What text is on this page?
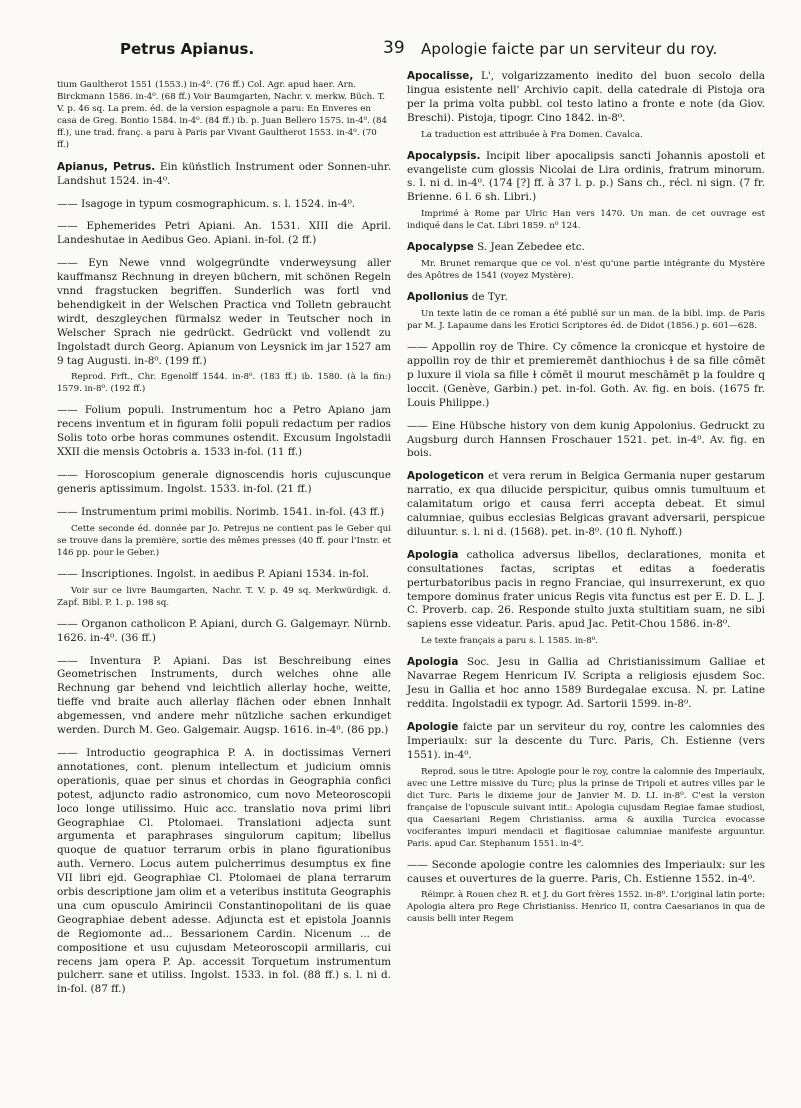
Petrus Apianus.	39 Apologie faicte par un serviteur du roy.

tium Gaultherot 1551 (1553.) in-4⁰. (76 ff.) Col. Agr. apud haer. Arn. Birckmann 1586. in-4⁰. (68 ff.) Voir Baumgarten, Nachr. v. merkw. Büch. T. V. p. 46 sq. La prem. éd. de la version espagnole a paru: En Enveres en casa de Greg. Bontio 1584. in-4⁰. (84 ff.) ib. p. Juan Bellero 1575. in-4⁰. (84 ff.), une trad. franç. a paru à Paris par Vivant Gaultherot 1553. in-4⁰. (70 ff.)

Apianus, Petrus. Ein küństlich Instrument oder Sonnen-uhr. Landshut 1524. in-4⁰.

—— Isagoge in typum cosmographicum. s. l. 1524. in-4⁰.

—— Ephemerides Petri Apiani. An. 1531. XIII die April. Landeshutae in Aedibus Geo. Apiani. in-fol. (2 ff.)

—— Eyn Newe vnnd wolgegründte vnderweysung aller kauffmansz Rechnung in dreyen büchern, mit schönen Regeln vnnd fragstucken begriffen. Sunderlich was fortl vnd behendigkeit in der Welschen Practica vnd Tolletn gebraucht wirdt, deszgleychen fürmalsz weder in Teutscher noch in Welscher Sprach nie gedrückt. Gedrückt vnd vollendt zu Ingolstadt durch Georg. Apianum von Leysnick im jar 1527 am 9 tag Augusti. in-8⁰. (199 ff.)

Reprod. Frft., Chr. Egenolff 1544. in-8⁰. (183 ff.) ib. 1580. (à la fin:) 1579. in-8⁰. (192 ff.)

—— Folium populi. Instrumentum hoc a Petro Apiano jam recens inventum et in figuram folii populi redactum per radios Solis toto orbe horas communes ostendit. Excusum Ingolstadii XXII die mensis Octobris a. 1533 in-fol. (11 ff.)

—— Horoscopium generale dignoscendis horis cujuscunque generis aptissimum. Ingolst. 1533. in-fol. (21 ff.)

—— Instrumentum primi mobilis. Norimb. 1541. in-fol. (43 ff.)

Cette seconde éd. donnée par Jo. Petrejus ne contient pas le Geber qui se trouve dans la première, sortie des mêmes presses (40 ff. pour l'Instr. et 146 pp. pour le Geber.)

—— Inscriptiones. Ingolst. in aedibus P. Apiani 1534. in-fol.

Voir sur ce livre Baumgarten, Nachr. T. V. p. 49 sq. Merkwürdigk. d. Zapf. Bibl. P. 1. p. 198 sq.

—— Organon catholicon P. Apiani, durch G. Galgemayr. Nürnb. 1626. in-4⁰. (36 ff.)

—— Inventura P. Apiani. Das ist Beschreibung eines Geometrischen Instruments, durch welches ohne alle Rechnung gar behend vnd leichtlich allerlay hoche, weitte, tieffe vnd braite auch allerlay flächen oder ebnen Innhalt abgemessen, vnd andere mehr nützliche sachen erkundiget werden. Durch M. Geo. Galgemair. Augsp. 1616. in-4⁰. (86 pp.)

—— Introductio geographica P. A. in doctissimas Verneri annotationes, cont. plenum intellectum et judicium omnis operationis, quae per sinus et chordas in Geographia confici potest, adjuncto radio astronomico, cum novo Meteoroscopii loco longe utilissimo. Huic acc. translatio nova primi libri Geographiae Cl. Ptolomaei. Translationi adjecta sunt argumenta et paraphrases singulorum capitum; libellus quoque de quatuor terrarum orbis in plano figurationibus auth. Vernero. Locus autem pulcherrimus desumptus ex fine VII libri ejd. Geographiae Cl. Ptolomaei de plana terrarum orbis descriptione jam olim et a veteribus instituta Geographis una cum opusculo Amirincii Constantinopolitani de iis quae Geographiae debent adesse. Adjuncta est et epistola Joannis de Regiomonte ad... Bessarionem Cardin. Nicenum ... de compositione et usu cujusdam Meteoroscopii armillaris, cui recens jam opera P. Ap. accessit Torquetum instrumentum pulcherr. sane et utiliss. Ingolst. 1533. in fol. (88 ff.) s. l. ni d. in-fol. (87 ff.)

Apocalisse, L', volgarizzamento inedito del buon secolo della lingua esistente nell' Archivio capit. della catedrale di Pistoja ora per la prima volta pubbl. col testo latino a fronte e note (da Giov. Breschi). Pistoja, tipogr. Cino 1842. in-8⁰.

La traduction est attribuée à Fra Domen. Cavalca.

Apocalypsis. Incipit liber apocalipsis sancti Johannis apostoli et evangeliste cum glossis Nicolai de Lira ordinis, fratrum minorum. s. l. ni d. in-4⁰. (174 [?] ff. à 37 l. p. p.) Sans ch., récl. ni sign. (7 fr. Brienne. 6 l. 6 sh. Libri.)

Imprimé à Rome par Ulric Han vers 1470. Un man. de cet ouvrage est indiqué dans le Cat. Libri 1859. n⁰ 124.

Apocalypse S. Jean Zebedee etc.

Mr. Brunet remarque que ce vol. n'est qu'une partie intégrante du Mystère des Apôtres de 1541 (voyez Mystère).

Apollonius de Tyr.

Un texte latin de ce roman a été publié sur un man. de la bibl. imp. de Paris par M. J. Lapaume dans les Erotici Scriptores éd. de Didot (1856.) p. 601—628.

—— Appollin roy de Thire. Cy cōmence la cronicque et hystoire de appollin roy de thir et premieremēt danthiochus ɫ de sa fille cōmēt p luxure il viola sa fille ɫ cōmēt il mourut meschāmēt p la fouldre q loccit. (Genève, Garbin.) pet. in-fol. Goth. Av. fig. en bois. (1675 fr. Louis Philippe.)

—— Eine Hübsche history von dem kunig Appolonius. Gedruckt zu Augsburg durch Hannsen Froschauer 1521. pet. in-4⁰. Av. fig. en bois.

Apologeticon et vera rerum in Belgica Germania nuper gestarum narratio, ex qua dilucide perspicitur, quibus omnis tumultuum et calamitatum origo et causa ferri accepta debeat. Et simul calumniae, quibus ecclesias Belgicas gravant adversarii, perspicue diluuntur. s. l. ni d. (1568). pet. in-8⁰. (10 fl. Nyhoff.)

Apologia catholica adversus libellos, declarationes, monita et consultationes factas, scriptas et editas a foederatis perturbatoribus pacis in regno Franciae, qui insurrexerunt, ex quo tempore dominus frater unicus Regis vita functus est per E. D. L. J. C. Proverb. cap. 26. Responde stulto juxta stultitiam suam, ne sibi sapiens esse videatur. Paris. apud Jac. Petit-Chou 1586. in-8⁰.

Le texte français a paru s. l. 1585. in-8⁰.

Apologia Soc. Jesu in Gallia ad Christianissimum Galliae et Navarrae Regem Henricum IV. Scripta a religiosis ejusdem Soc. Jesu in Gallia et hoc anno 1589 Burdegalae excusa. N. pr. Latine reddita. Ingolstadii ex typogr. Ad. Sartorii 1599. in-8⁰.

Apologie faicte par un serviteur du roy, contre les calomnies des Imperiaulx: sur la descente du Turc. Paris, Ch. Estienne (vers 1551). in-4⁰.

Reprod. sous le titre: Apologie pour le roy, contre la calomnie des Imperiaulx, avec une Lettre missive du Turc; plus la prinse de Tripoli et autres villes par le dict Turc. Paris le dixieme jour de Janvier M. D. LI. in-8⁰. C'est la version française de l'opuscule suivant intit.: Apologia cujusdam Regiae famae studiosi, qua Caesariani Regem Christianiss. arma & auxilia Turcica evocasse vociferantes impuri mendacii et flagitiosae calumniae manifeste arguuntur. Paris. apud Car. Stephanum 1551. in-4⁰.

—— Seconde apologie contre les calomnies des Imperiaulx: sur les causes et ouvertures de la guerre. Paris, Ch. Estienne 1552. in-4⁰.

Réimpr. à Rouen chez R. et J. du Gort frères 1552. in-8⁰. L'original latin porte: Apologia altera pro Rege Christianiss. Henrico II, contra Caesarianos in qua de causis belli inter Regem
